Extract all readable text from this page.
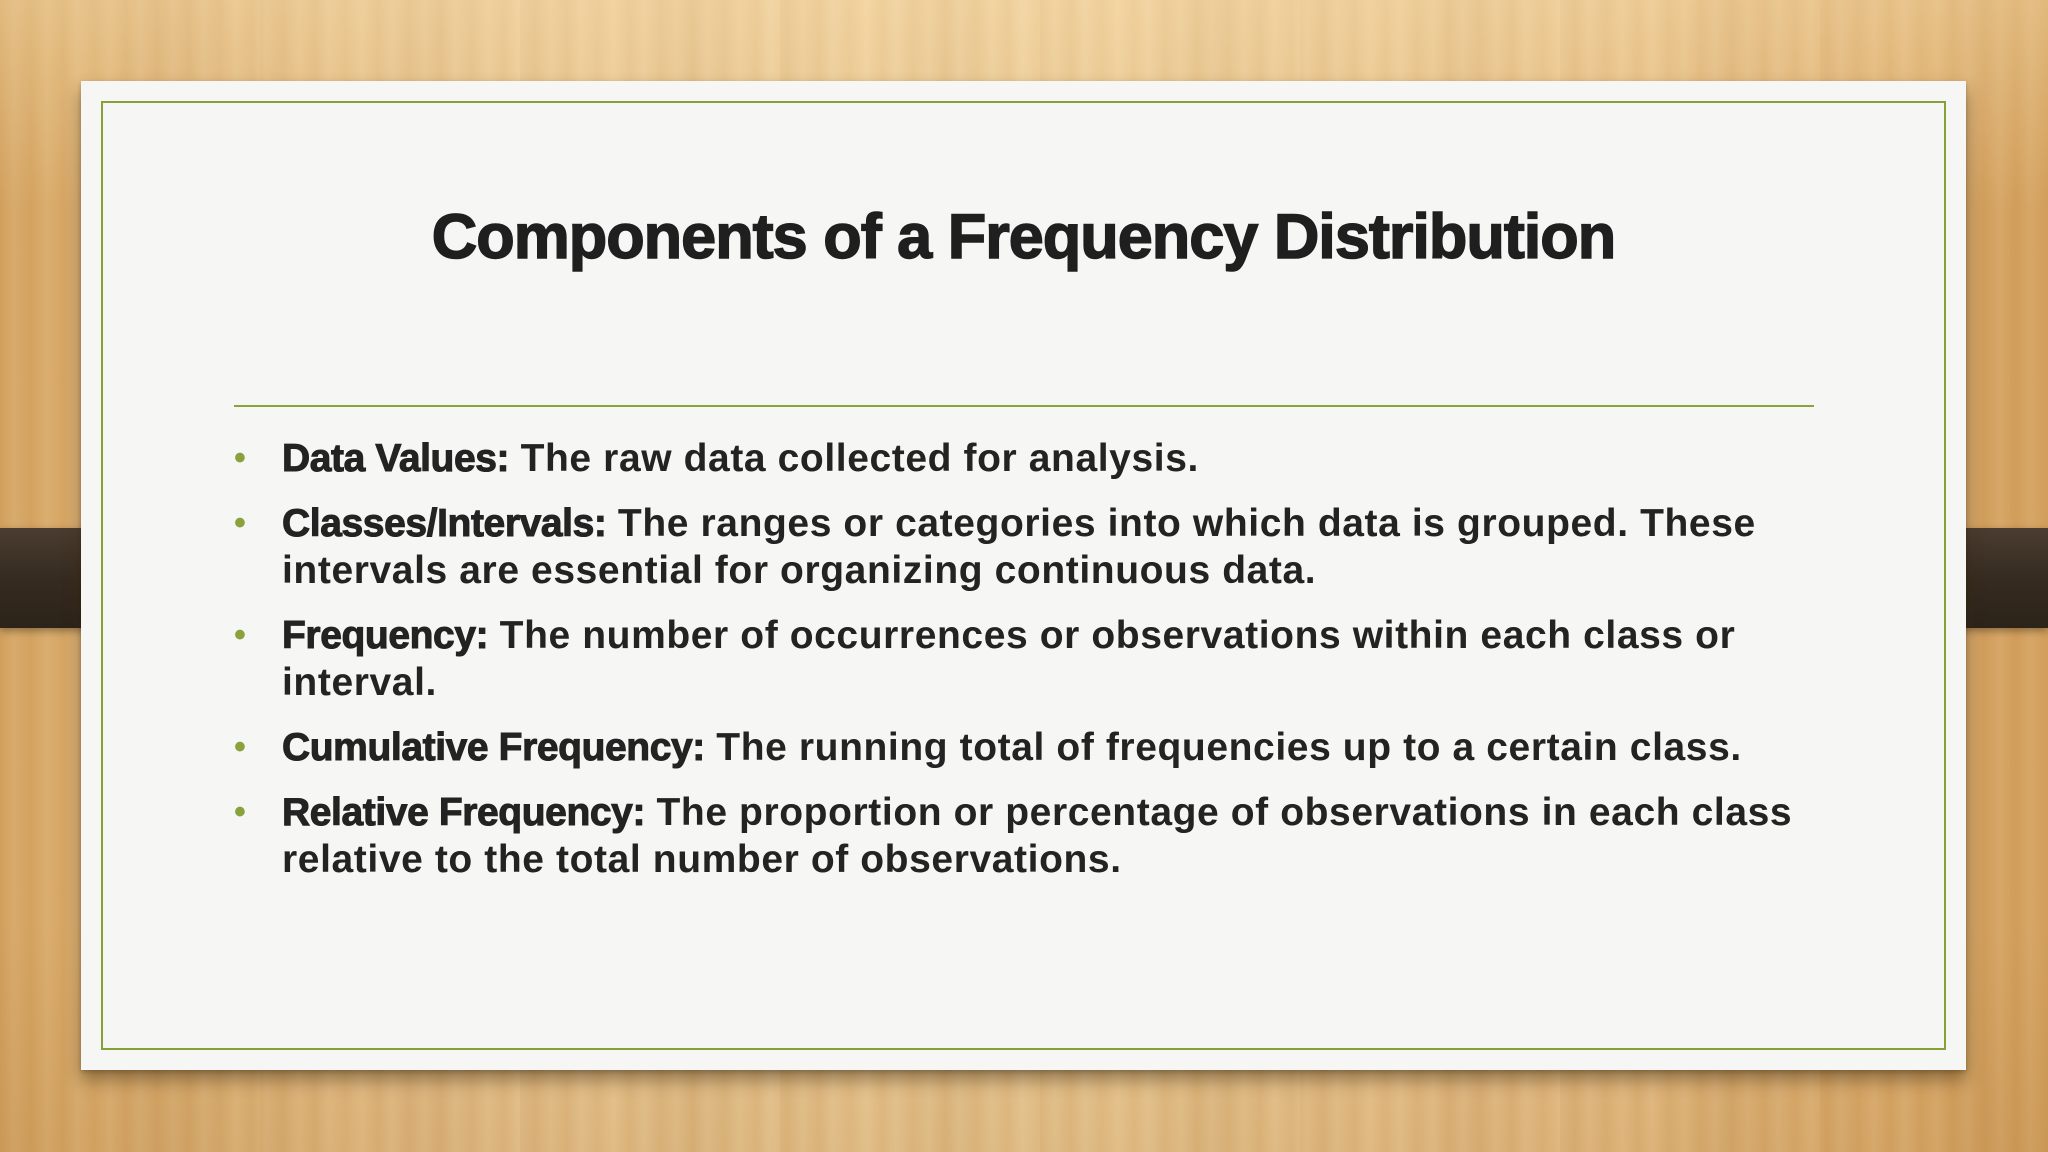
Components of a Frequency Distribution
• Data Values: The raw data collected for analysis.
• Classes/Intervals: The ranges or categories into which data is grouped. These intervals are essential for organizing continuous data.
• Frequency: The number of occurrences or observations within each class or interval.
• Cumulative Frequency: The running total of frequencies up to a certain class.
• Relative Frequency: The proportion or percentage of observations in each class relative to the total number of observations.
